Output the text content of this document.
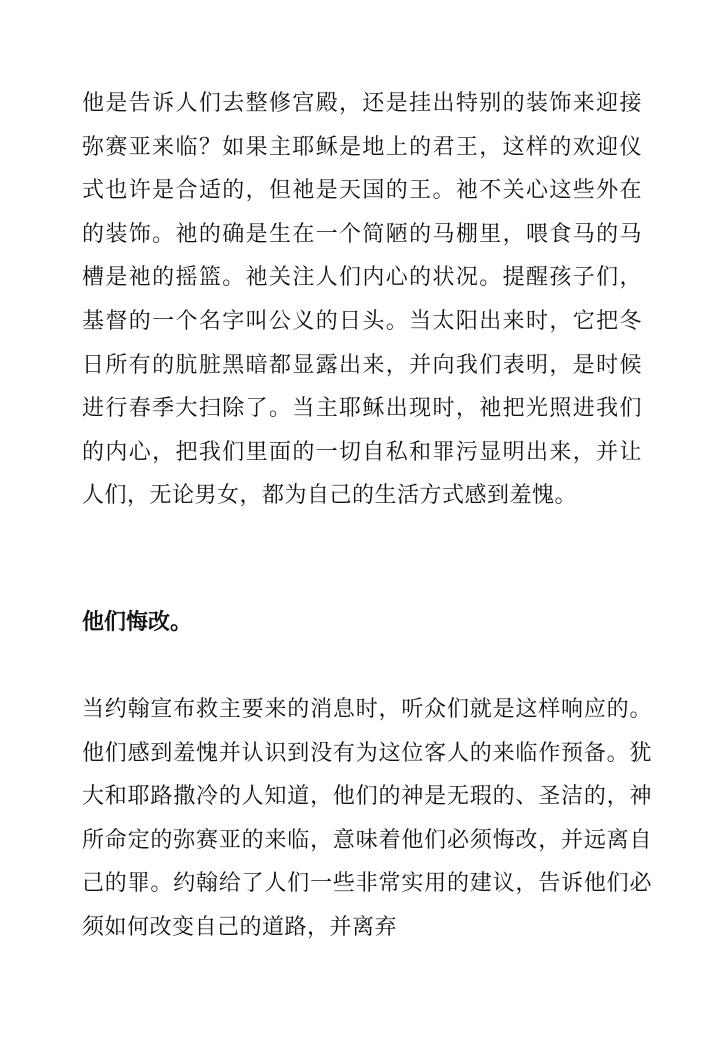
他是告诉人们去整修宫殿，还是挂出特别的装饰来迎接弥赛亚来临？如果主耶稣是地上的君王，这样的欢迎仪式也许是合适的，但祂是天国的王。祂不关心这些外在的装饰。祂的确是生在一个简陋的马棚里，喂食马的马槽是祂的摇篮。祂关注人们内心的状况。提醒孩子们，基督的一个名字叫公义的日头。当太阳出来时，它把冬日所有的肮脏黑暗都显露出来，并向我们表明，是时候进行春季大扫除了。当主耶稣出现时，祂把光照进我们的内心，把我们里面的一切自私和罪污显明出来，并让人们，无论男女，都为自己的生活方式感到羞愧。

他们悔改。

当约翰宣布救主要来的消息时，听众们就是这样响应的。他们感到羞愧并认识到没有为这位客人的来临作预备。犹大和耶路撒冷的人知道，他们的神是无瑕的、圣洁的，神所命定的弥赛亚的来临，意味着他们必须悔改，并远离自己的罪。约翰给了人们一些非常实用的建议，告诉他们必须如何改变自己的道路，并离弃
